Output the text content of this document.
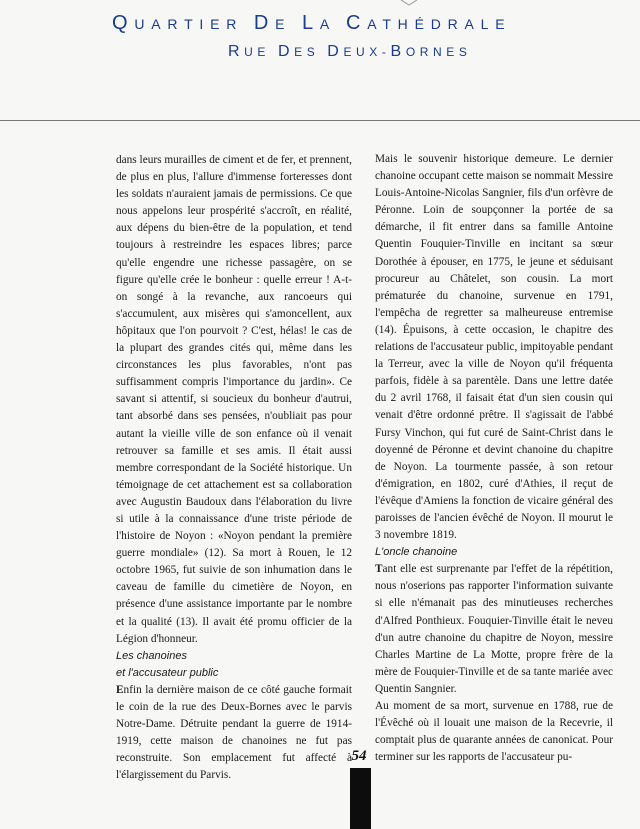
QUARTIER DE LA CATHÉDRALE
RUE DES DEUX-BORNES

dans leurs murailles de ciment et de fer, et prennent, de plus en plus, l'allure d'immense forteresses dont les soldats n'auraient jamais de permissions. Ce que nous appelons leur prospérité s'accroît, en réalité, aux dépens du bien-être de la population, et tend toujours à restreindre les espaces libres; parce qu'elle engendre une richesse passagère, on se figure qu'elle crée le bonheur : quelle erreur ! A-t-on songé à la revanche, aux rancoeurs qui s'accumulent, aux misères qui s'amoncellent, aux hôpitaux que l'on pourvoit ? C'est, hélas! le cas de la plupart des grandes cités qui, même dans les circonstances les plus favorables, n'ont pas suffisamment compris l'importance du jardin». Ce savant si attentif, si soucieux du bonheur d'autrui, tant absorbé dans ses pensées, n'oubliait pas pour autant la vieille ville de son enfance où il venait retrouver sa famille et ses amis. Il était aussi membre correspondant de la Société historique. Un témoignage de cet attachement est sa collaboration avec Augustin Baudoux dans l'élaboration du livre si utile à la connaissance d'une triste période de l'histoire de Noyon : «Noyon pendant la première guerre mondiale» (12). Sa mort à Rouen, le 12 octobre 1965, fut suivie de son inhumation dans le caveau de famille du cimetière de Noyon, en présence d'une assistance importante par le nombre et la qualité (13). Il avait été promu officier de la Légion d'honneur.

Les chanoines

et l'accusateur public

Enfin la dernière maison de ce côté gauche formait le coin de la rue des Deux-Bornes avec le parvis Notre-Dame. Détruite pendant la guerre de 1914-1919, cette maison de chanoines ne fut pas reconstruite. Son emplacement fut affecté à l'élargissement du Parvis.

Mais le souvenir historique demeure. Le dernier chanoine occupant cette maison se nommait Messire Louis-Antoine-Nicolas Sangnier, fils d'un orfèvre de Péronne. Loin de soupçonner la portée de sa démarche, il fit entrer dans sa famille Antoine Quentin Fouquier-Tinville en incitant sa sœur Dorothée à épouser, en 1775, le jeune et séduisant procureur au Châtelet, son cousin. La mort prématurée du chanoine, survenue en 1791, l'empêcha de regretter sa malheureuse entremise (14). Épuisons, à cette occasion, le chapitre des relations de l'accusateur public, impitoyable pendant la Terreur, avec la ville de Noyon qu'il fréquenta parfois, fidèle à sa parentèle. Dans une lettre datée du 2 avril 1768, il faisait état d'un sien cousin qui venait d'être ordonné prêtre. Il s'agissait de l'abbé Fursy Vinchon, qui fut curé de Saint-Christ dans le doyenné de Péronne et devint chanoine du chapitre de Noyon. La tourmente passée, à son retour d'émigration, en 1802, curé d'Athies, il reçut de l'évêque d'Amiens la fonction de vicaire général des paroisses de l'ancien évêché de Noyon. Il mourut le 3 novembre 1819.

L'oncle chanoine

Tant elle est surprenante par l'effet de la répétition, nous n'oserions pas rapporter l'information suivante si elle n'émanait pas des minutieuses recherches d'Alfred Ponthieux. Fouquier-Tinville était le neveu d'un autre chanoine du chapitre de Noyon, messire Charles Martine de La Motte, propre frère de la mère de Fouquier-Tinville et de sa tante mariée avec Quentin Sangnier.

Au moment de sa mort, survenue en 1788, rue de l'Évêché où il louait une maison de la Recevrie, il comptait plus de quarante années de canonicat. Pour terminer sur les rapports de l'accusateur pu-

54
